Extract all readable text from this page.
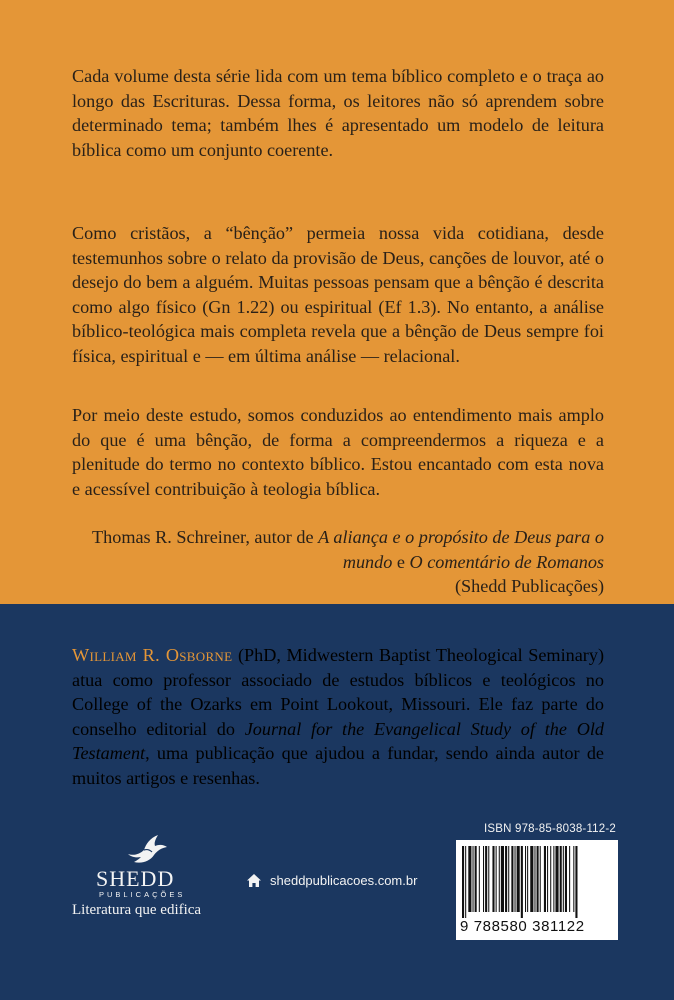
Cada volume desta série lida com um tema bíblico completo e o traça ao longo das Escrituras. Dessa forma, os leitores não só aprendem sobre determinado tema; também lhes é apresentado um modelo de leitura bíblica como um conjunto coerente.

Como cristãos, a “bênção” permeia nossa vida cotidiana, desde testemunhos sobre o relato da provisão de Deus, canções de louvor, até o desejo do bem a alguém. Muitas pessoas pensam que a bênção é descrita como algo físico (Gn 1.22) ou espiritual (Ef 1.3). No entanto, a análise bíblico-teológica mais completa revela que a bênção de Deus sempre foi física, espiritual e — em última análise — relacional.

Por meio deste estudo, somos conduzidos ao entendimento mais amplo do que é uma bênção, de forma a compreendermos a riqueza e a plenitude do termo no contexto bíblico. Estou encantado com esta nova e acessível contribuição à teologia bíblica.

Thomas R. Schreiner, autor de A aliança e o propósito de Deus para o mundo e O comentário de Romanos
(Shedd Publicações)

William R. Osborne (PhD, Midwestern Baptist Theological Seminary) atua como professor associado de estudos bíblicos e teológicos no College of the Ozarks em Point Lookout, Missouri. Ele faz parte do conselho editorial do Journal for the Evangelical Study of the Old Testament, uma publicação que ajudou a fundar, sendo ainda autor de muitos artigos e resenhas.

SHEDD
PUBLICAÇÕES
Literatura que edifica
sheddpublicacoes.com.br
ISBN 978-85-8038-112-2
9 788580 381122
